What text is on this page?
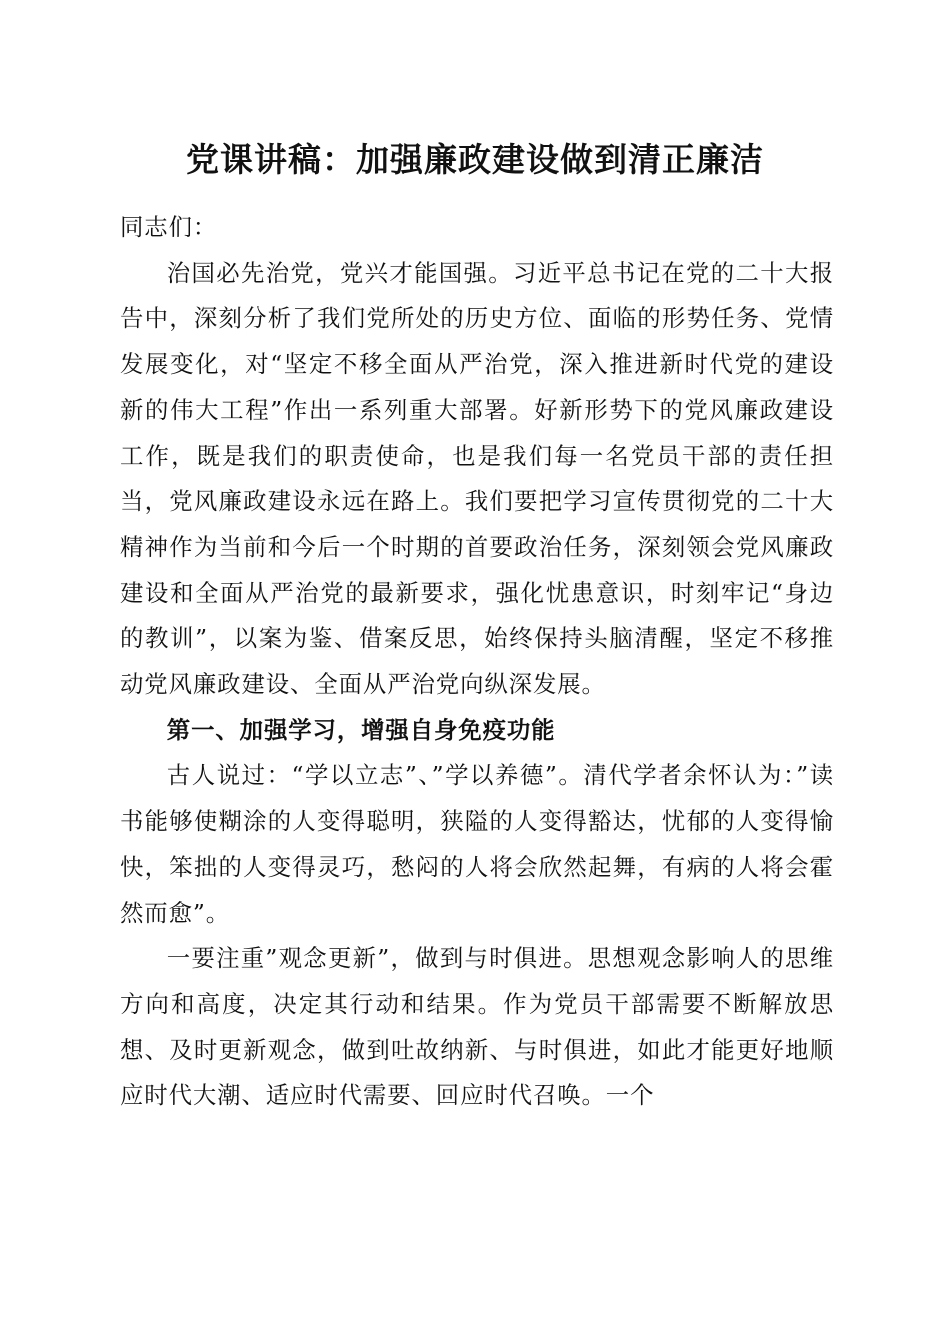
党课讲稿：加强廉政建设做到清正廉洁

同志们：

治国必先治党，党兴才能国强。习近平总书记在党的二十大报告中，深刻分析了我们党所处的历史方位、面临的形势任务、党情发展变化，对“坚定不移全面从严治党，深入推进新时代党的建设新的伟大工程”作出一系列重大部署。好新形势下的党风廉政建设工作，既是我们的职责使命，也是我们每一名党员干部的责任担当，党风廉政建设永远在路上。我们要把学习宣传贯彻党的二十大精神作为当前和今后一个时期的首要政治任务，深刻领会党风廉政建设和全面从严治党的最新要求，强化忧患意识，时刻牢记“身边的教训”，以案为鉴、借案反思，始终保持头脑清醒，坚定不移推动党风廉政建设、全面从严治党向纵深发展。

第一、加强学习，增强自身免疫功能

古人说过：“学以立志”、”学以养德”。清代学者余怀认为：”读书能够使糊涂的人变得聪明，狭隘的人变得豁达，忧郁的人变得愉快，笨拙的人变得灵巧，愁闷的人将会欣然起舞，有病的人将会霍然而愈”。

一要注重”观念更新”，做到与时俱进。思想观念影响人的思维方向和高度，决定其行动和结果。作为党员干部需要不断解放思想、及时更新观念，做到吐故纳新、与时俱进，如此才能更好地顺应时代大潮、适应时代需要、回应时代召唤。一个
